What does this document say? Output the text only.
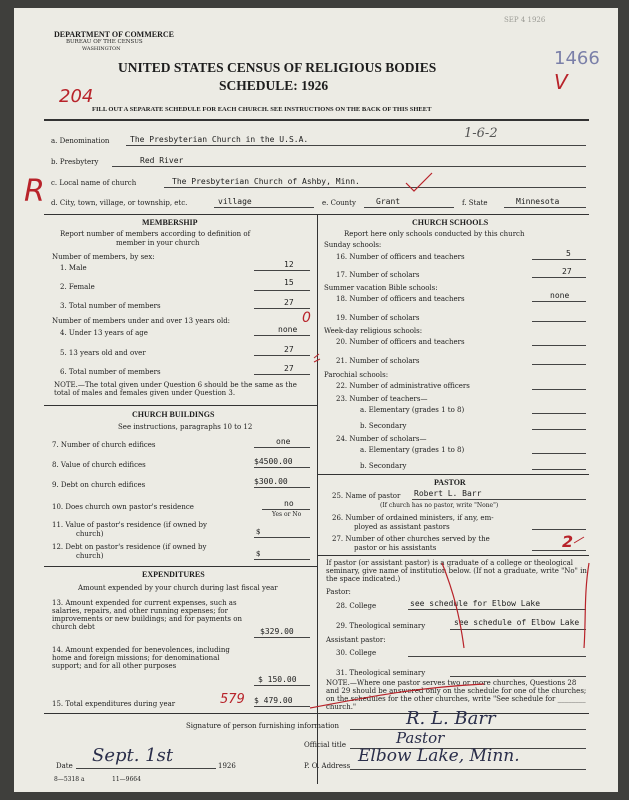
DEPARTMENT OF COMMERCE
BUREAU OF THE CENSUS
WASHINGTON
SEP 4 1926
1466
V
UNITED STATES CENSUS OF RELIGIOUS BODIES
SCHEDULE: 1926
204
FILL OUT A SEPARATE SCHEDULE FOR EACH CHURCH. SEE INSTRUCTIONS ON THE BACK OF THIS SHEET
a. Denomination	The Presbyterian Church in the U.S.A.	1-6-2
b. Presbytery	Red River
c. Local name of church	The Presbyterian Church of Ashby, Minn.
d. City, town, village, or township, etc.	village	e. County	Grant	f. State	Minnesota
R
MEMBERSHIP
Report number of members according to definition of
member in your church
Number of members, by sex:
1. Male	12
2. Female	15
3. Total number of members	27
Number of members under and over 13 years old:
4. Under 13 years of age	none
0
5. 13 years old and over	27
6. Total number of members	27
NOTE.—The total given under Question 6 should be the same as the total of males and females given under Question 3.
CHURCH BUILDINGS
See instructions, paragraphs 10 to 12
7. Number of church edifices	one
8. Value of church edifices	$4500.00
9. Debt on church edifices	$300.00
10. Does church own pastor's residence	no
Yes or No
11. Value of pastor's residence (if owned by
church)	$
12. Debt on pastor's residence (if owned by
church)	$
EXPENDITURES
Amount expended by your church during last fiscal year
13. Amount expended for current expenses, such as salaries, repairs, and other running expenses; for improvements or new buildings; and for payments on church debt	$329.00
14. Amount expended for benevolences, including home and foreign missions; for denominational support; and for all other purposes
$ 150.00
15. Total expenditures during year	$ 479.00
579
CHURCH SCHOOLS
Report here only schools conducted by this church
Sunday schools:
16. Number of officers and teachers	5
17. Number of scholars	27
Summer vacation Bible schools:
18. Number of officers and teachers	none
19. Number of scholars
Week-day religious schools:
20. Number of officers and teachers
21. Number of scholars
Parochial schools:
22. Number of administrative officers
23. Number of teachers—
a. Elementary (grades 1 to 8)
b. Secondary
24. Number of scholars—
a. Elementary (grades 1 to 8)
b. Secondary
PASTOR
25. Name of pastor Robert L. Barr
(If church has no pastor, write "None")
26. Number of ordained ministers, if any, em-
ployed as assistant pastors
27. Number of other churches served by the
pastor or his assistants	2
If pastor (or assistant pastor) is a graduate of a college or theological seminary, give name of institution below. (If not a graduate, write "No" in the space indicated.)
Pastor:
28. College	see schedule for Elbow Lake
29. Theological seminary	see schedule of Elbow Lake
Assistant pastor:
30. College
31. Theological seminary
NOTE.—Where one pastor serves two or more churches, Questions 28 and 29 should be answered only on the schedule for one of the churches; on the schedules for the other churches, write "See schedule for ________ church."
Signature of person furnishing information	R. L. Barr
Official title	Pastor
Date Sept. 1st	1926	P. O. Address Elbow Lake, Minn.
8—5318 a	11—9664
